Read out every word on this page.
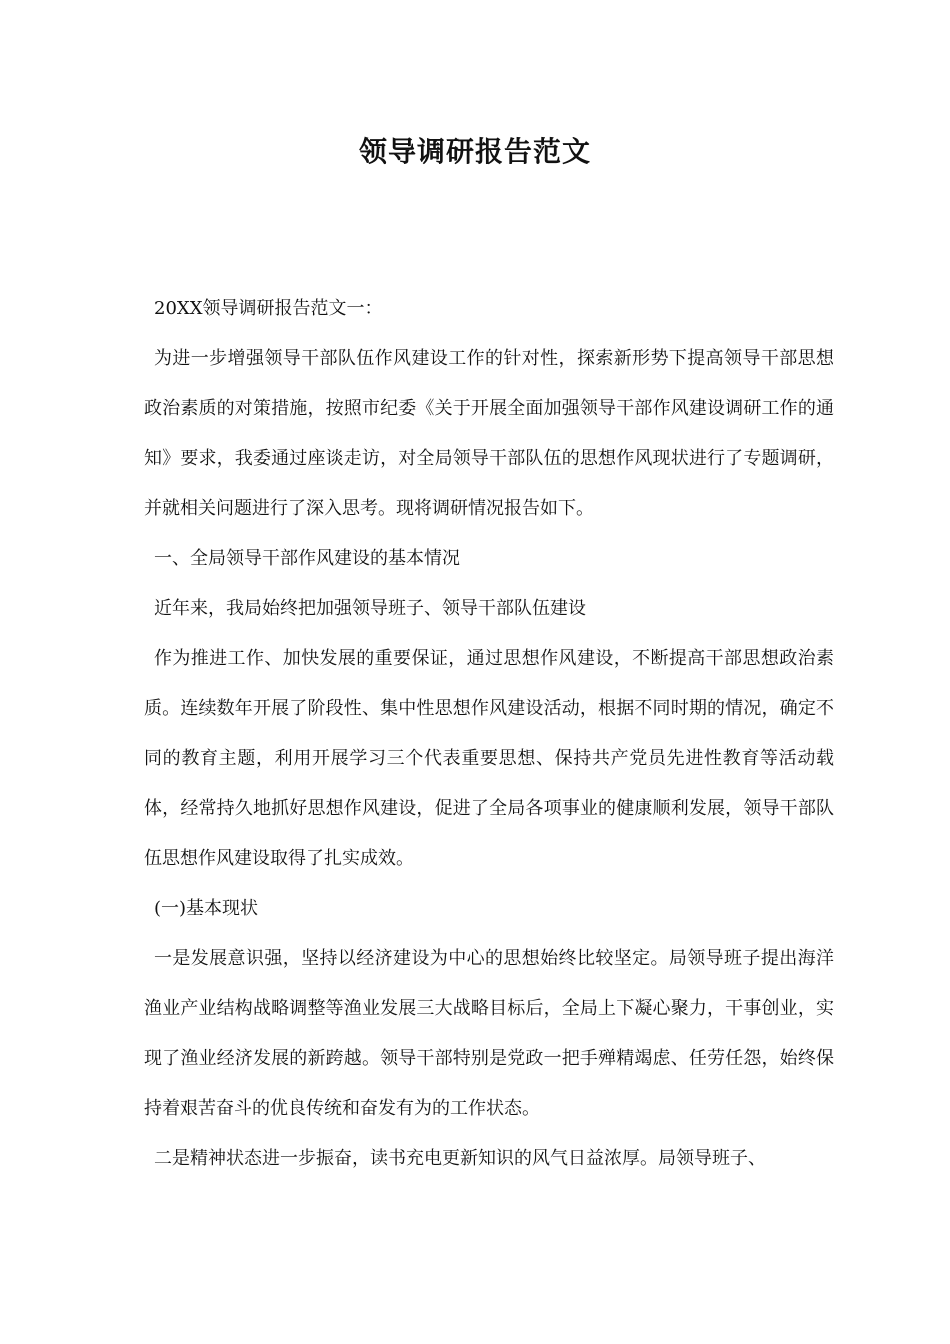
领导调研报告范文

20XX领导调研报告范文一：

为进一步增强领导干部队伍作风建设工作的针对性，探索新形势下提高领导干部思想政治素质的对策措施，按照市纪委《关于开展全面加强领导干部作风建设调研工作的通知》要求，我委通过座谈走访，对全局领导干部队伍的思想作风现状进行了专题调研，并就相关问题进行了深入思考。现将调研情况报告如下。

一、全局领导干部作风建设的基本情况

近年来，我局始终把加强领导班子、领导干部队伍建设

作为推进工作、加快发展的重要保证，通过思想作风建设，不断提高干部思想政治素质。连续数年开展了阶段性、集中性思想作风建设活动，根据不同时期的情况，确定不同的教育主题，利用开展学习三个代表重要思想、保持共产党员先进性教育等活动载体，经常持久地抓好思想作风建设，促进了全局各项事业的健康顺利发展，领导干部队伍思想作风建设取得了扎实成效。

(一)基本现状

一是发展意识强，坚持以经济建设为中心的思想始终比较坚定。局领导班子提出海洋渔业产业结构战略调整等渔业发展三大战略目标后，全局上下凝心聚力，干事创业，实现了渔业经济发展的新跨越。领导干部特别是党政一把手殚精竭虑、任劳任怨，始终保持着艰苦奋斗的优良传统和奋发有为的工作状态。

二是精神状态进一步振奋，读书充电更新知识的风气日益浓厚。局领导班子、
